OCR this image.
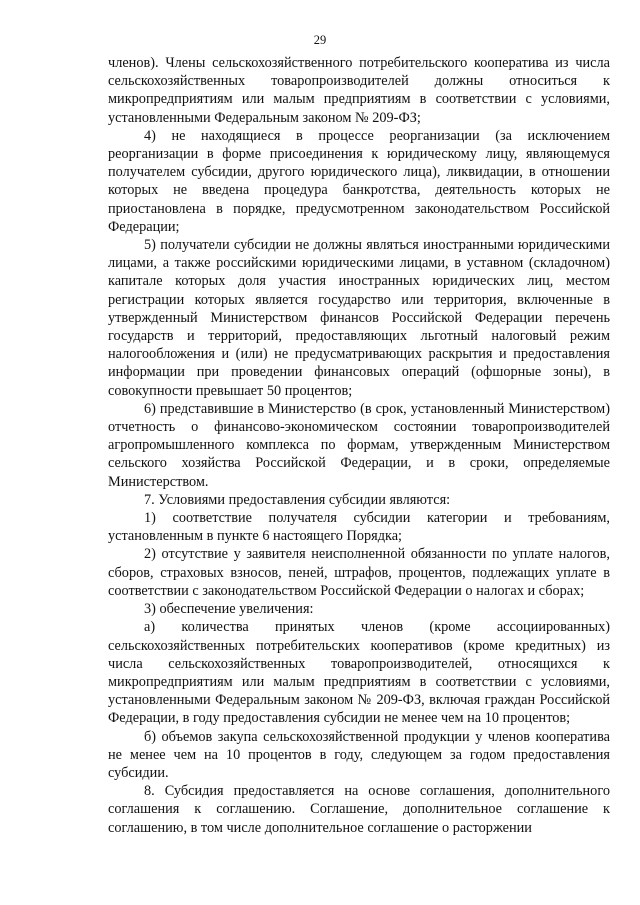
29

членов). Члены сельскохозяйственного потребительского кооператива из числа сельскохозяйственных товаропроизводителей должны относиться к микропредприятиям или малым предприятиям в соответствии с условиями, установленными Федеральным законом № 209-ФЗ;

4) не находящиеся в процессе реорганизации (за исключением реорганизации в форме присоединения к юридическому лицу, являющемуся получателем субсидии, другого юридического лица), ликвидации, в отношении которых не введена процедура банкротства, деятельность которых не приостановлена в порядке, предусмотренном законодательством Российской Федерации;

5) получатели субсидии не должны являться иностранными юридическими лицами, а также российскими юридическими лицами, в уставном (складочном) капитале которых доля участия иностранных юридических лиц, местом регистрации которых является государство или территория, включенные в утвержденный Министерством финансов Российской Федерации перечень государств и территорий, предоставляющих льготный налоговый режим налогообложения и (или) не предусматривающих раскрытия и предоставления информации при проведении финансовых операций (офшорные зоны), в совокупности превышает 50 процентов;

6) представившие в Министерство (в срок, установленный Министерством) отчетность о финансово-экономическом состоянии товаропроизводителей агропромышленного комплекса по формам, утвержденным Министерством сельского хозяйства Российской Федерации, и в сроки, определяемые Министерством.

7. Условиями предоставления субсидии являются:

1) соответствие получателя субсидии категории и требованиям, установленным в пункте 6 настоящего Порядка;

2) отсутствие у заявителя неисполненной обязанности по уплате налогов, сборов, страховых взносов, пеней, штрафов, процентов, подлежащих уплате в соответствии с законодательством Российской Федерации о налогах и сборах;

3) обеспечение увеличения:

а) количества принятых членов (кроме ассоциированных) сельскохозяйственных потребительских кооперативов (кроме кредитных) из числа сельскохозяйственных товаропроизводителей, относящихся к микропредприятиям или малым предприятиям в соответствии с условиями, установленными Федеральным законом № 209-ФЗ, включая граждан Российской Федерации, в году предоставления субсидии не менее чем на 10 процентов;

б) объемов закупа сельскохозяйственной продукции у членов кооператива не менее чем на 10 процентов в году, следующем за годом предоставления субсидии.

8. Субсидия предоставляется на основе соглашения, дополнительного соглашения к соглашению. Соглашение, дополнительное соглашение к соглашению, в том числе дополнительное соглашение о расторжении
